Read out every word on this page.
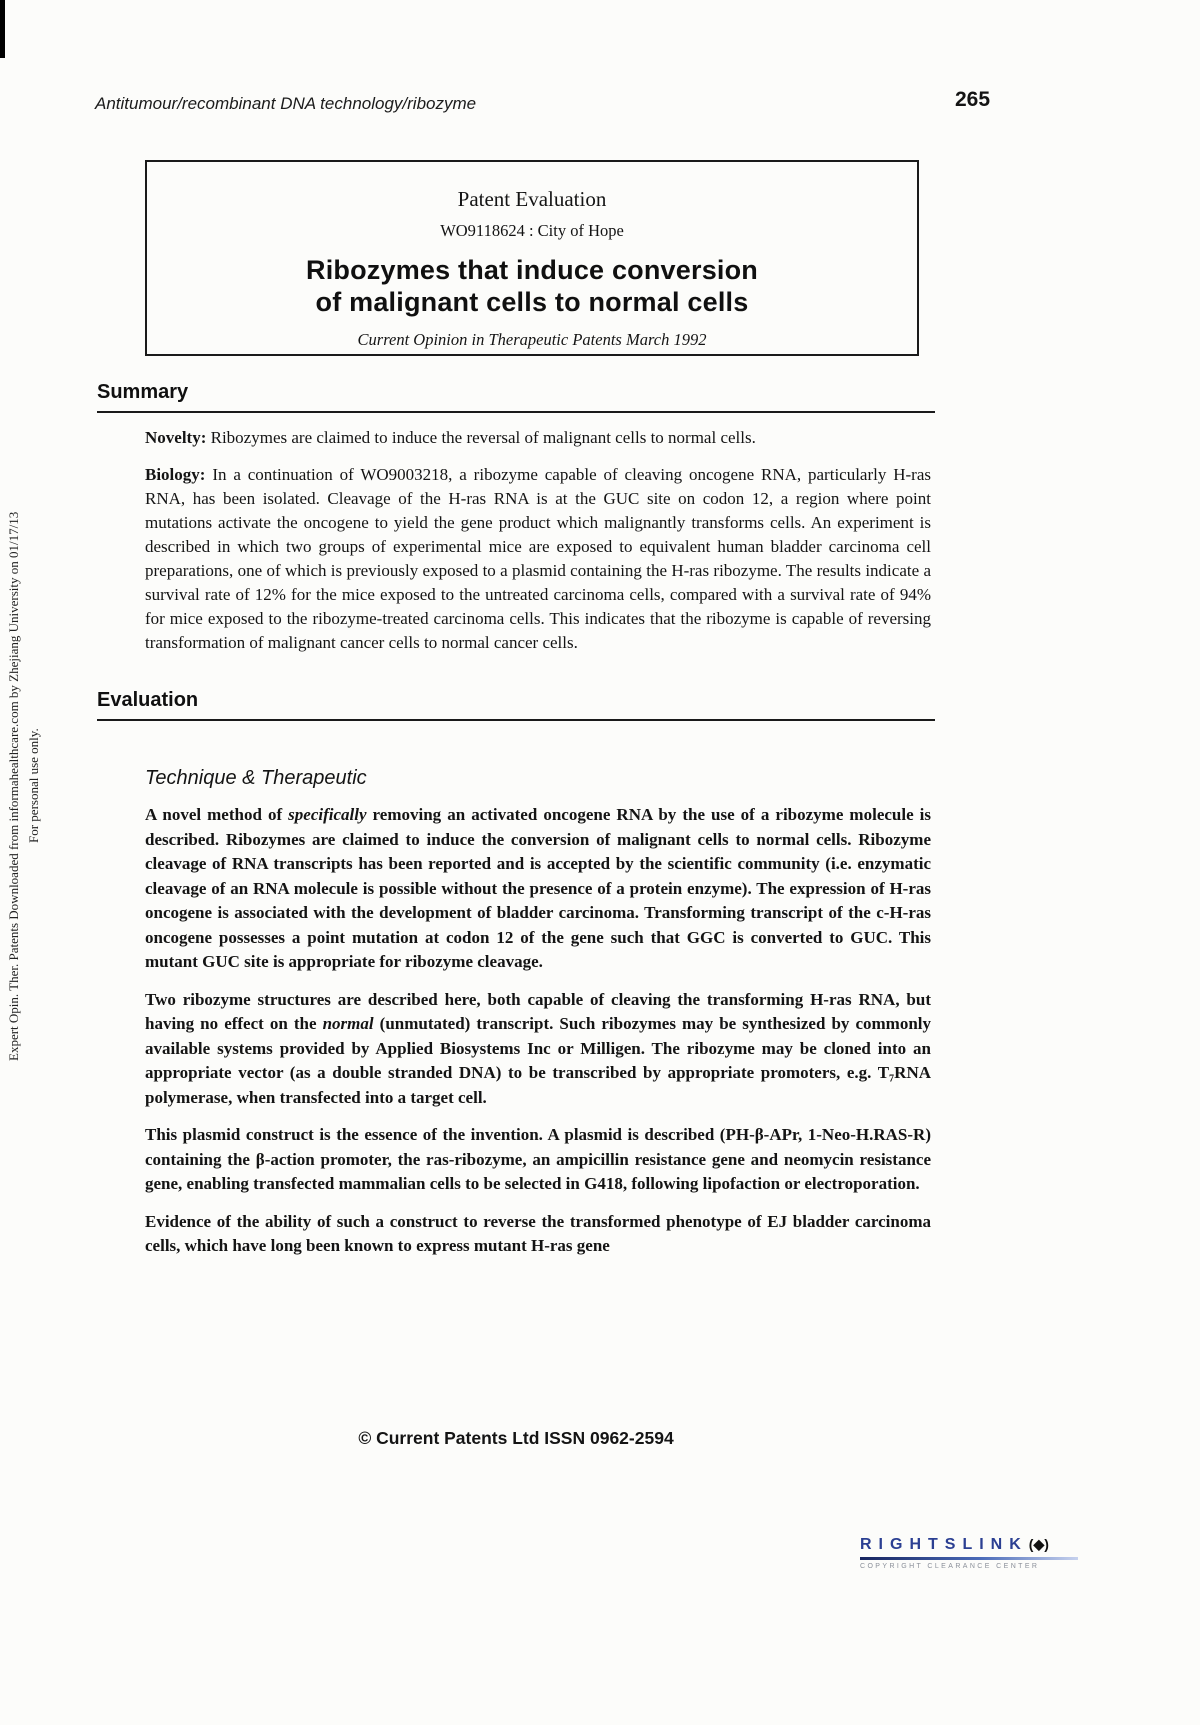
Antitumour/recombinant DNA technology/ribozyme	265
Patent Evaluation
WO9118624 : City of Hope
Ribozymes that induce conversion
of malignant cells to normal cells
Current Opinion in Therapeutic Patents March 1992
Summary

Novelty: Ribozymes are claimed to induce the reversal of malignant cells to normal cells.

Biology: In a continuation of WO9003218, a ribozyme capable of cleaving oncogene RNA, particularly H-ras RNA, has been isolated. Cleavage of the H-ras RNA is at the GUC site on codon 12, a region where point mutations activate the oncogene to yield the gene product which malignantly transforms cells. An experiment is described in which two groups of experimental mice are exposed to equivalent human bladder carcinoma cell preparations, one of which is previously exposed to a plasmid containing the H-ras ribozyme. The results indicate a survival rate of 12% for the mice exposed to the untreated carcinoma cells, compared with a survival rate of 94% for mice exposed to the ribozyme-treated carcinoma cells. This indicates that the ribozyme is capable of reversing transformation of malignant cancer cells to normal cancer cells.

Evaluation
Technique & Therapeutic

A novel method of specifically removing an activated oncogene RNA by the use of a ribozyme molecule is described. Ribozymes are claimed to induce the conversion of malignant cells to normal cells. Ribozyme cleavage of RNA transcripts has been reported and is accepted by the scientific community (i.e. enzymatic cleavage of an RNA molecule is possible without the presence of a protein enzyme). The expression of H-ras oncogene is associated with the development of bladder carcinoma. Transforming transcript of the c-H-ras oncogene possesses a point mutation at codon 12 of the gene such that GGC is converted to GUC. This mutant GUC site is appropriate for ribozyme cleavage.

Two ribozyme structures are described here, both capable of cleaving the transforming H-ras RNA, but having no effect on the normal (unmutated) transcript. Such ribozymes may be synthesized by commonly available systems provided by Applied Biosystems Inc or Milligen. The ribozyme may be cloned into an appropriate vector (as a double stranded DNA) to be transcribed by appropriate promoters, e.g. T₇RNA polymerase, when transfected into a target cell.

This plasmid construct is the essence of the invention. A plasmid is described (PH-β-APr, 1-Neo-H.RAS-R) containing the β-action promoter, the ras-ribozyme, an ampicillin resistance gene and neomycin resistance gene, enabling transfected mammalian cells to be selected in G418, following lipofaction or electroporation.

Evidence of the ability of such a construct to reverse the transformed phenotype of EJ bladder carcinoma cells, which have long been known to express mutant H-ras gene

© Current Patents Ltd ISSN 0962-2594
Expert Opin. Ther. Patents Downloaded from informahealthcare.com by Zhejiang University on 01/17/13 For personal use only.
RIGHTSLINK (◆)
COPYRIGHT CLEARANCE CENTER
